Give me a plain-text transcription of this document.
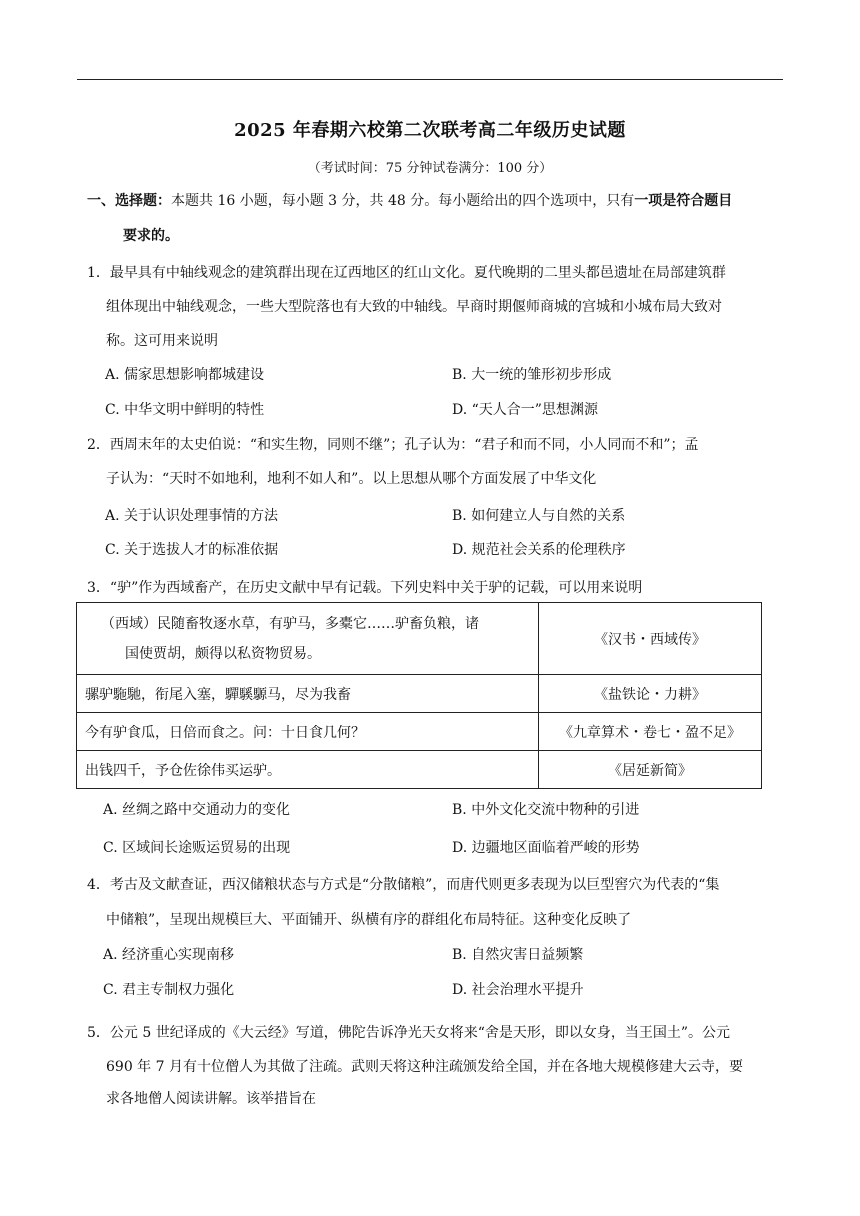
2025 年春期六校第二次联考高二年级历史试题
（考试时间：75 分钟试卷满分：100 分）
一、选择题：本题共 16 小题，每小题 3 分，共 48 分。每小题给出的四个选项中，只有一项是符合题目
要求的。
1．最早具有中轴线观念的建筑群出现在辽西地区的红山文化。夏代晚期的二里头都邑遗址在局部建筑群
组体现出中轴线观念，一些大型院落也有大致的中轴线。早商时期偃师商城的宫城和小城布局大致对
称。这可用来说明
A. 儒家思想影响都城建设	B. 大一统的雏形初步形成
C. 中华文明中鲜明的特性	D. “天人合一”思想渊源
2．西周末年的太史伯说：“和实生物，同则不继”；孔子认为：“君子和而不同，小人同而不和”；孟
子认为：“天时不如地利，地利不如人和”。以上思想从哪个方面发展了中华文化
A. 关于认识处理事情的方法	B. 如何建立人与自然的关系
C. 关于选拔人才的标准依据	D. 规范社会关系的伦理秩序
3．“驴”作为西域畜产，在历史文献中早有记载。下列史料中关于驴的记载，可以用来说明
（西域）民随畜牧逐水草，有驴马，多橐它……驴畜负粮，诸
国使贾胡，颇得以私资物贸易。	《汉书・西域传》
骡驴駞馳，衔尾入塞，驒騱騵马，尽为我畜	《盐铁论・力耕》
今有驴食瓜，日倍而食之。问：十日食几何？	《九章算术・卷七・盈不足》
出钱四千，予仓佐徐伟买运驴。	《居延新简》
A. 丝绸之路中交通动力的变化	B. 中外文化交流中物种的引进
C. 区域间长途贩运贸易的出现	D. 边疆地区面临着严峻的形势
4．考古及文献查证，西汉储粮状态与方式是“分散储粮”，而唐代则更多表现为以巨型窖穴为代表的“集
中储粮”，呈现出规模巨大、平面铺开、纵横有序的群组化布局特征。这种变化反映了
A. 经济重心实现南移	B. 自然灾害日益频繁
C. 君主专制权力强化	D. 社会治理水平提升
5．公元 5 世纪译成的《大云经》写道，佛陀告诉净光天女将来“舍是天形，即以女身，当王国土”。公元
690 年 7 月有十位僧人为其做了注疏。武则天将这种注疏颁发给全国，并在各地大规模修建大云寺，要
求各地僧人阅读讲解。该举措旨在
